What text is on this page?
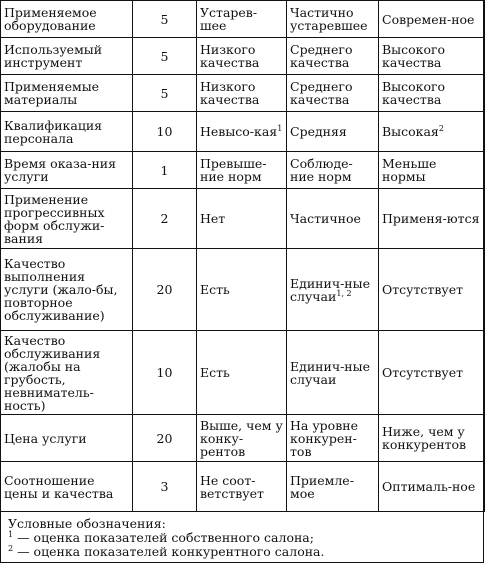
Применяемое оборудование	5	Устарев-шее	Частично устаревшее	Современ-ное
Используемый инструмент	5	Низкого качества	Среднего качества	Высокого качества
Применяемые материалы	5	Низкого качества	Среднего качества	Высокого качества
Квалификация персонала	10	Невысо-кая$^1$	Средняя	Высокая$^2$
Время оказа-ния услуги	1	Превыше-ние норм	Соблюде-ние норм	Меньше нормы
Применение прогрессивных форм обслужи-вания	2	Нет	Частичное	Применя-ются
Качество выполнения услуги (жало-бы, повторное обслуживание)	20	Есть	Единич-ные случаи$^{1, 2}$	Отсутствует
Качество обслуживания (жалобы на грубость, невниматель-ность)	10	Есть	Единич-ные случаи	Отсутствует
Цена услуги	20	Выше, чем у конку-рентов	На уровне конкурен-тов	Ниже, чем у конкурентов
Соотношение цены и качества	3	Не соот-ветствует	Приемле-мое	Оптималь-ное
Условные обозначения:
$^1$ — оценка показателей собственного салона;
$^2$ — оценка показателей конкурентного салона.
